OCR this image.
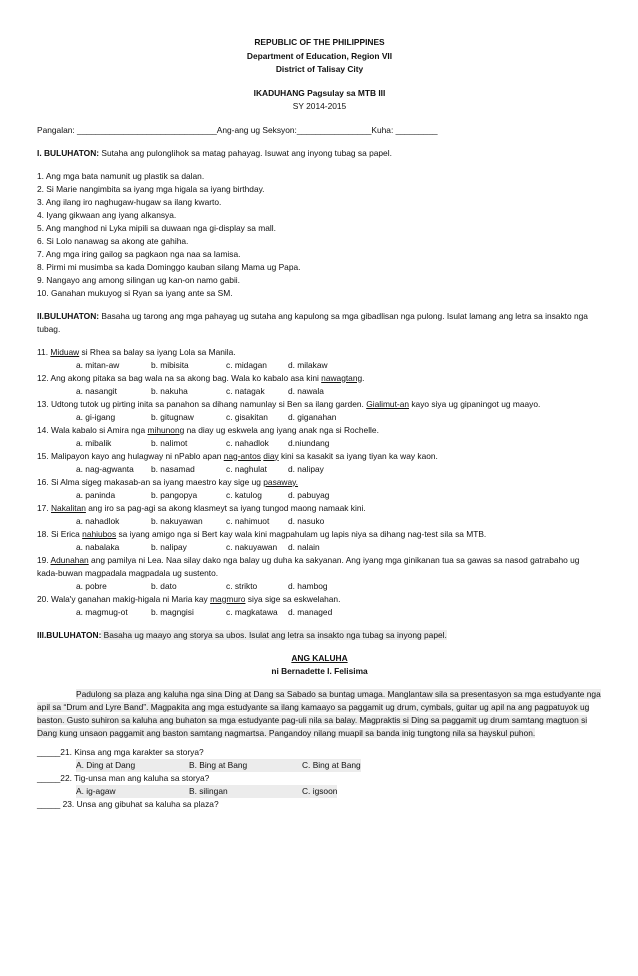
REPUBLIC OF THE PHILIPPINES
Department of Education, Region VII
District of Talisay City
IKADUHANG Pagsulay sa MTB III
SY 2014-2015
Pangalan: ______________________________Ang-ang ug Seksyon:________________Kuha: _________
I. BULUHATON: Sutaha ang pulonglihok sa matag pahayag. Isuwat ang inyong tubag sa papel.
1. Ang mga bata namunit ug plastik sa dalan.
2. Si Marie nangimbita sa iyang mga higala sa iyang birthday.
3. Ang ilang iro naghugaw-hugaw sa ilang kwarto.
4. Iyang gikwaan ang iyang alkansya.
5. Ang manghod ni Lyka mipili sa duwaan nga gi-display sa mall.
6. Si Lolo nanawag sa akong ate gahiha.
7. Ang mga iring gailog sa pagkaon nga naa sa lamisa.
8. Pirmi mi musimba sa kada Dominggo kauban silang Mama ug Papa.
9. Nangayo ang among silingan ug kan-on namo gabii.
10. Ganahan mukuyog si Ryan sa iyang ante sa SM.
II.BULUHATON: Basaha ug tarong ang mga pahayag ug sutaha ang kapulong sa mga gibadlisan nga pulong. Isulat lamang ang letra sa insakto nga tubag.
11. Miduaw si Rhea sa balay sa iyang Lola sa Manila.
a. mitan-aw	b. mibisita	c. midagan	d. milakaw
12. Ang akong pitaka sa bag wala na sa akong bag. Wala ko kabalo asa kini nawagtang.
a. nasangit	b. nakuha	c. natagak	d. nawala
13. Udtong tutok ug pirting inita sa panahon sa dihang namunlay si Ben sa ilang garden. Gialimut-an kayo siya ug gipaningot ug maayo.
a. gi-igang	b. gitugnaw	c. gisakitan	d. giganahan
14. Wala kabalo si Amira nga mihunong na diay ug eskwela ang iyang anak nga si Rochelle.
a. mibalik	b. nalimot	c. nahadlok	d.niundang
15. Malipayon kayo ang hulagway ni nPablo apan nag-antos diay kini sa kasakit sa iyang tiyan ka way kaon.
a. nag-agwanta	b. nasamad	c. naghulat	d. nalipay
16. Si Alma sigeg makasab-an sa iyang maestro kay sige ug pasaway.
a. paninda	b. pangopya	c. katulog	d. pabuyag
17. Nakalitan ang iro sa pag-agi sa akong klasmeyt sa iyang tungod maong namaak kini.
a. nahadlok	b. nakuyawan	c. nahimuot	d. nasuko
18. Si Erica nahiubos sa iyang amigo nga si Bert kay wala kini magpahulam ug lapis niya sa dihang nag-test sila sa MTB.
a. nabalaka	b. nalipay	c. nakuyawan	d. nalain
19. Adunahan ang pamilya ni Lea. Naa silay dako nga balay ug duha ka sakyanan. Ang iyang mga ginikanan tua sa gawas sa nasod gatrabaho ug kada-buwan magpadala magpadala ug sustento.
a. pobre	b. dato	c. strikto	d. hambog
20. Wala'y ganahan makig-higala ni Maria kay magmuro siya sige sa eskwelahan.
a. magmug-ot	b. magngisi	c. magkatawa	d. managed
III.BULUHATON: Basaha ug maayo ang storya sa ubos. Isulat ang letra sa insakto nga tubag sa inyong papel.
ANG KALUHA
ni Bernadette I. Felisima

Padulong sa plaza ang kaluha nga sina Ding at Dang sa Sabado sa buntag umaga. Manglantaw sila sa presentasyon sa mga estudyante nga apil sa “Drum and Lyre Band”. Magpakita ang mga estudyante sa ilang kamaayo sa paggamit ug drum, cymbals, guitar ug apil na ang pagpatuyok ug baston. Gusto suhiron sa kaluha ang buhaton sa mga estudyante pag-uli nila sa balay. Magpraktis si Ding sa paggamit ug drum samtang magtuon si Dang kung unsaon paggamit ang baston samtang nagmartsa. Pangandoy nilang muapil sa banda inig tungtong nila sa hayskul puhon.

_____21. Kinsa ang mga karakter sa storya?
A. Ding at Dang	B. Bing at Bang	C. Bing at Bang
_____22. Tig-unsa man ang kaluha sa storya?
A. ig-agaw	B. silingan	C. igsoon
_____ 23. Unsa ang gibuhat sa kaluha sa plaza?
